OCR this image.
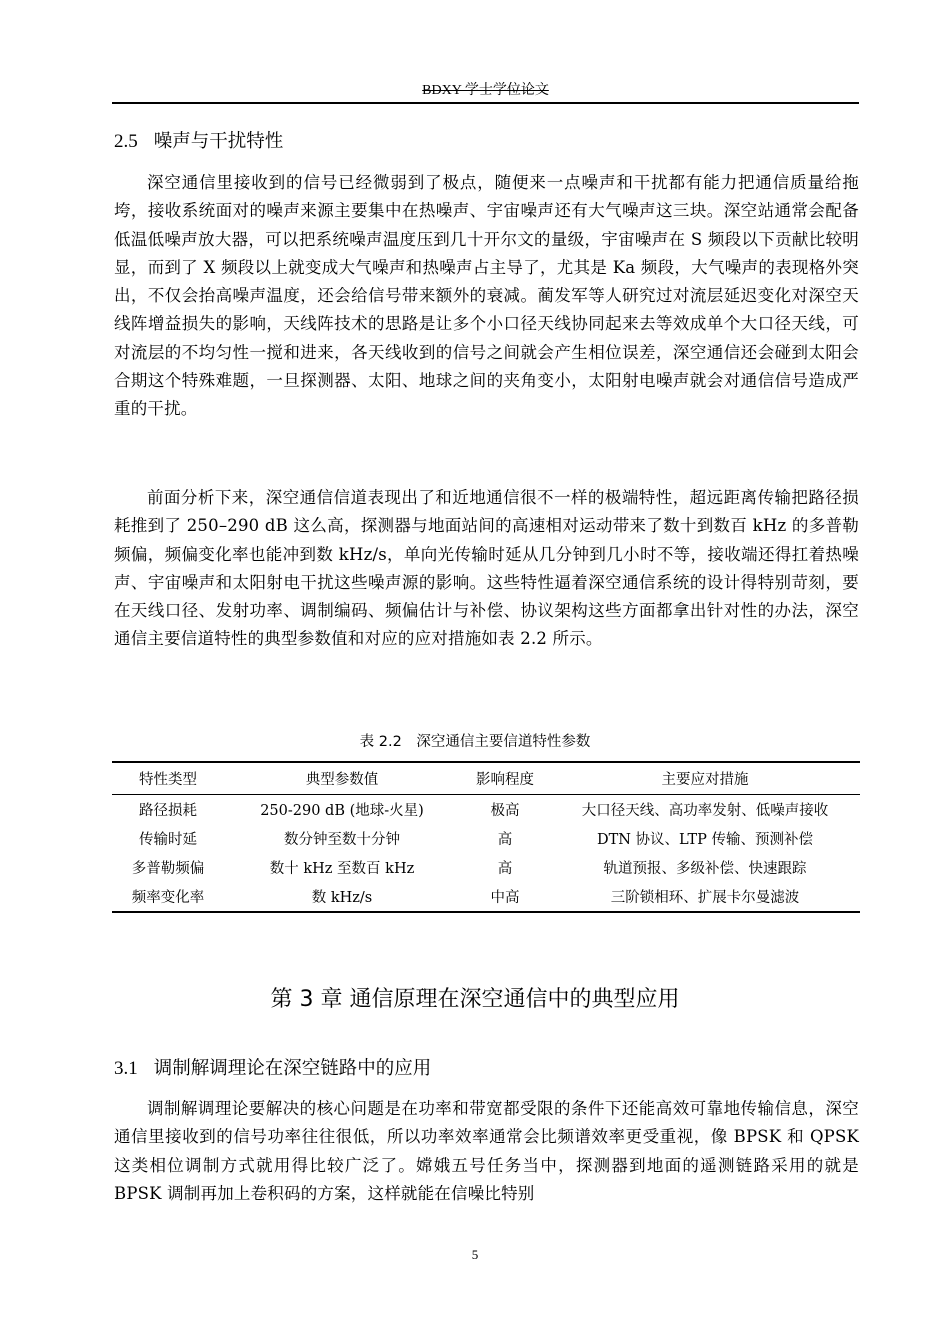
BDXY 学士学位论文
2.5 噪声与干扰特性

深空通信里接收到的信号已经微弱到了极点，随便来一点噪声和干扰都有能力把通信质量给拖垮，接收系统面对的噪声来源主要集中在热噪声、宇宙噪声还有大气噪声这三块。深空站通常会配备低温低噪声放大器，可以把系统噪声温度压到几十开尔文的量级，宇宙噪声在 S 频段以下贡献比较明显，而到了 X 频段以上就变成大气噪声和热噪声占主导了，尤其是 Ka 频段，大气噪声的表现格外突出，不仅会抬高噪声温度，还会给信号带来额外的衰减。蔺发军等人研究过对流层延迟变化对深空天线阵增益损失的影响，天线阵技术的思路是让多个小口径天线协同起来去等效成单个大口径天线，可对流层的不均匀性一搅和进来，各天线收到的信号之间就会产生相位误差，深空通信还会碰到太阳会合期这个特殊难题，一旦探测器、太阳、地球之间的夹角变小，太阳射电噪声就会对通信信号造成严重的干扰。

前面分析下来，深空通信信道表现出了和近地通信很不一样的极端特性，超远距离传输把路径损耗推到了 250–290 dB 这么高，探测器与地面站间的高速相对运动带来了数十到数百 kHz 的多普勒频偏，频偏变化率也能冲到数 kHz/s，单向光传输时延从几分钟到几小时不等，接收端还得扛着热噪声、宇宙噪声和太阳射电干扰这些噪声源的影响。这些特性逼着深空通信系统的设计得特别苛刻，要在天线口径、发射功率、调制编码、频偏估计与补偿、协议架构这些方面都拿出针对性的办法，深空通信主要信道特性的典型参数值和对应的应对措施如表 2.2 所示。

表 2.2　深空通信主要信道特性参数
特性类型	典型参数值	影响程度	主要应对措施
路径损耗	250-290 dB (地球-火星)	极高	大口径天线、高功率发射、低噪声接收
传输时延	数分钟至数十分钟	高	DTN 协议、LTP 传输、预测补偿
多普勒频偏	数十 kHz 至数百 kHz	高	轨道预报、多级补偿、快速跟踪
频率变化率	数 kHz/s	中高	三阶锁相环、扩展卡尔曼滤波
第 3 章 通信原理在深空通信中的典型应用
3.1 调制解调理论在深空链路中的应用

调制解调理论要解决的核心问题是在功率和带宽都受限的条件下还能高效可靠地传输信息，深空通信里接收到的信号功率往往很低，所以功率效率通常会比频谱效率更受重视，像 BPSK 和 QPSK 这类相位调制方式就用得比较广泛了。嫦娥五号任务当中，探测器到地面的遥测链路采用的就是 BPSK 调制再加上卷积码的方案，这样就能在信噪比特别

5
